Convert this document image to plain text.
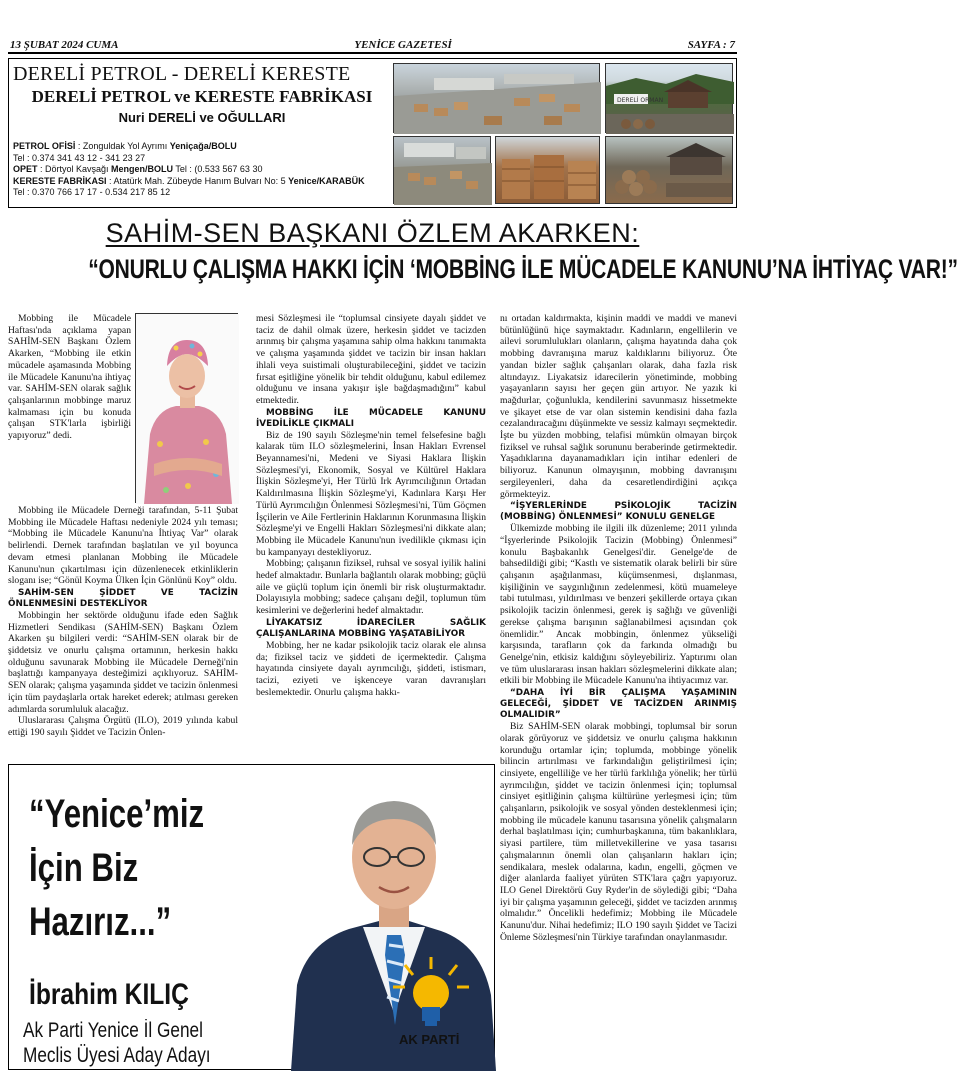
13 ŞUBAT 2024 CUMA	YENİCE GAZETESİ	SAYFA : 7
DERELİ PETROL - DERELİ KERESTE
DERELİ PETROL ve KERESTE FABRİKASI
Nuri DERELİ ve OĞULLARI
PETROL OFİSİ : Zonguldak Yol Ayrımı Yeniçağa/BOLU
Tel : 0.374 341 43 12 - 341 23 27
OPET : Dörtyol Kavşağı Mengen/BOLU Tel : (0.533 567 63 30
KERESTE FABRİKASI : Atatürk Mah. Zübeyde Hanım Bulvarı No: 5 Yenice/KARABÜK
Tel : 0.370 766 17 17 - 0.534 217 85 12
DERELİ ORMAN
SAHİM-SEN BAŞKANI ÖZLEM AKARKEN:
“ONURLU ÇALIŞMA HAKKI İÇİN ‘MOBBİNG İLE MÜCADELE KANUNU’NA İHTİYAÇ VAR!”

Mobbing ile Mücadele Haftası'nda açıklama yapan SAHİM-SEN Başkanı Özlem Akarken, “Mobbing ile etkin mücadele aşamasında Mobbing ile Mücadele Kanunu'na ihtiyaç var. SAHİM-SEN olarak sağlık çalışanlarının mobbinge maruz kalmaması için bu konuda çalışan STK'larla işbirliği yapıyoruz” dedi.

Mobbing ile Mücadele Derneği tarafından, 5-11 Şubat Mobbing ile Mücadele Haftası nedeniyle 2024 yılı teması; “Mobbing ile Mücadele Kanunu'na İhtiyaç Var” olarak belirlendi. Dernek tarafından başlatılan ve yıl boyunca devam etmesi planlanan Mobbing ile Mücadele Kanunu'nun çıkartılması için düzenlenecek etkinliklerin sloganı ise; “Gönül Koyma Ülken İçin Gönlünü Koy” oldu.

SAHİM-SEN ŞİDDET VE TACİZİN ÖNLENMESİNİ DESTEKLİYOR

Mobbingin her sektörde olduğunu ifade eden Sağlık Hizmetleri Sendikası (SAHİM-SEN) Başkanı Özlem Akarken şu bilgileri verdi: “SAHİM-SEN olarak bir de şiddetsiz ve onurlu çalışma ortamının, herkesin hakkı olduğunu savunarak Mobbing ile Mücadele Derneği'nin başlattığı kampanyaya desteğimizi açıklıyoruz. SAHİM-SEN olarak; çalışma yaşamında şiddet ve tacizin önlenmesi için tüm paydaşlarla ortak hareket ederek; atılması gereken adımlarda sorumluluk alacağız.

Uluslararası Çalışma Örgütü (ILO), 2019 yılında kabul ettiği 190 sayılı Şiddet ve Tacizin Önlen-

mesi Sözleşmesi ile “toplumsal cinsiyete dayalı şiddet ve taciz de dahil olmak üzere, herkesin şiddet ve tacizden arınmış bir çalışma yaşamına sahip olma hakkını tanımakta ve çalışma yaşamında şiddet ve tacizin bir insan hakları ihlali veya suistimali oluşturabileceğini, şiddet ve tacizin fırsat eşitliğine yönelik bir tehdit olduğunu, kabul edilemez olduğunu ve insana yakışır işle bağdaşmadığını” kabul etmektedir.

MOBBİNG İLE MÜCADELE KANUNU İVEDİLİKLE ÇIKMALI

Biz de 190 sayılı Sözleşme'nin temel felsefesine bağlı kalarak tüm ILO sözleşmelerini, İnsan Hakları Evrensel Beyannamesi'ni, Medeni ve Siyasi Haklara İlişkin Sözleşmesi'yi, Ekonomik, Sosyal ve Kültürel Haklara İlişkin Sözleşme'yi, Her Türlü Irk Ayrımcılığının Ortadan Kaldırılmasına İlişkin Sözleşme'yi, Kadınlara Karşı Her Türlü Ayrımcılığın Önlenmesi Sözleşmesi'ni, Tüm Göçmen İşçilerin ve Aile Fertlerinin Haklarının Korunmasına İlişkin Sözleşme'yi ve Engelli Hakları Sözleşmesi'ni dikkate alan; Mobbing ile Mücadele Kanunu'nun ivedilikle çıkması için bu kampanyayı destekliyoruz.

Mobbing; çalışanın fiziksel, ruhsal ve sosyal iyilik halini hedef almaktadır. Bunlarla bağlantılı olarak mobbing; güçlü aile ve güçlü toplum için önemli bir risk oluşturmaktadır. Dolayısıyla mobbing; sadece çalışanı değil, toplumun tüm kesimlerini ve değerlerini hedef almaktadır.

LİYAKATSIZ İDARECİLER SAĞLIK ÇALIŞANLARINA MOBBİNG YAŞATABİLİYOR

Mobbing, her ne kadar psikolojik taciz olarak ele alınsa da; fiziksel taciz ve şiddeti de içermektedir. Çalışma hayatında cinsiyete dayalı ayrımcılığı, şiddeti, istismarı, tacizi, eziyeti ve işkenceye varan davranışları beslemektedir. Onurlu çalışma hakkı-

nı ortadan kaldırmakta, kişinin maddi ve maddi ve manevi bütünlüğünü hiçe saymaktadır. Kadınların, engellilerin ve ailevi sorumlulukları olanların, çalışma hayatında daha çok mobbing davranışına maruz kaldıklarını biliyoruz. Öte yandan bizler sağlık çalışanları olarak, daha fazla risk altındayız. Liyakatsiz idarecilerin yönetiminde, mobbing yaşayanların sayısı her geçen gün artıyor. Ne yazık ki mağdurlar, çoğunlukla, kendilerini savunmasız hissetmekte ve şikayet etse de var olan sistemin kendisini daha fazla cezalandıracağını düşünmekte ve sessiz kalmayı seçmektedir. İşte bu yüzden mobbing, telafisi mümkün olmayan birçok fiziksel ve ruhsal sağlık sorununu beraberinde getirmektedir. Yaşadıklarına dayanamadıkları için intihar edenleri de biliyoruz. Kanunun olmayışının, mobbing davranışını sergileyenleri, daha da cesaretlendirdiğini açıkça görmekteyiz.

“İŞYERLERİNDE PSİKOLOJİK TACİZİN (MOBBİNG) ÖNLENMESİ” KONULU GENELGE

Ülkemizde mobbing ile ilgili ilk düzenleme; 2011 yılında “İşyerlerinde Psikolojik Tacizin (Mobbing) Önlenmesi” konulu Başbakanlık Genelgesi'dir. Genelge'de de bahsedildiği gibi; “Kastlı ve sistematik olarak belirli bir süre çalışanın aşağılanması, küçümsenmesi, dışlanması, kişiliğinin ve saygınlığının zedelenmesi, kötü muameleye tabi tutulması, yıldırılması ve benzeri şekillerde ortaya çıkan psikolojik tacizin önlenmesi, gerek iş sağlığı ve güvenliği gerekse çalışma barışının sağlanabilmesi açısından çok önemlidir.” Ancak mobbingin, önlenmez yükseliği karşısında, tarafların çok da farkında olmadığı bu Genelge'nin, etkisiz kaldığını söyleyebiliriz. Yaptırımı olan ve tüm uluslararası insan hakları sözleşmelerini dikkate alan; etkili bir Mobbing ile Mücadele Kanunu'na ihtiyacımız var.

“DAHA İYİ BİR ÇALIŞMA YAŞAMININ GELECEĞİ, ŞİDDET VE TACİZDEN ARINMIŞ OLMALIDIR”

Biz SAHİM-SEN olarak mobbingi, toplumsal bir sorun olarak görüyoruz ve şiddetsiz ve onurlu çalışma hakkının korunduğu ortamlar için; toplumda, mobbinge yönelik bilincin artırılması ve farkındalığın geliştirilmesi için; cinsiyete, engelliliğe ve her türlü farklılığa yönelik; her türlü ayrımcılığın, şiddet ve tacizin önlenmesi için; toplumsal cinsiyet eşitliğinin çalışma kültürüne yerleşmesi için; tüm çalışanların, psikolojik ve sosyal yönden desteklenmesi için; mobbing ile mücadele kanunu tasarısına yönelik çalışmaların derhal başlatılması için; cumhurbaşkanına, tüm bakanlıklara, siyasi partilere, tüm milletvekillerine ve yasa tasarısı çalışmalarının önemli olan çalışanların hakları için; sendikalara, meslek odalarına, kadın, engelli, göçmen ve diğer alanlarda faaliyet yürüten STK'lara çağrı yapıyoruz. ILO Genel Direktörü Guy Ryder'in de söylediği gibi; “Daha iyi bir çalışma yaşamının geleceği, şiddet ve tacizden arınmış olmalıdır.” Öncelikli hedefimiz; Mobbing ile Mücadele Kanunu'dur. Nihai hedefimiz; ILO 190 sayılı Şiddet ve Tacizi Önleme Sözleşmesi'nin Türkiye tarafından onaylanmasıdır.

“Yenice’miz
İçin Biz
Hazırız...”
İbrahim KILIÇ
Ak Parti Yenice İl Genel
Meclis Üyesi Aday Adayı
AK PARTİ
